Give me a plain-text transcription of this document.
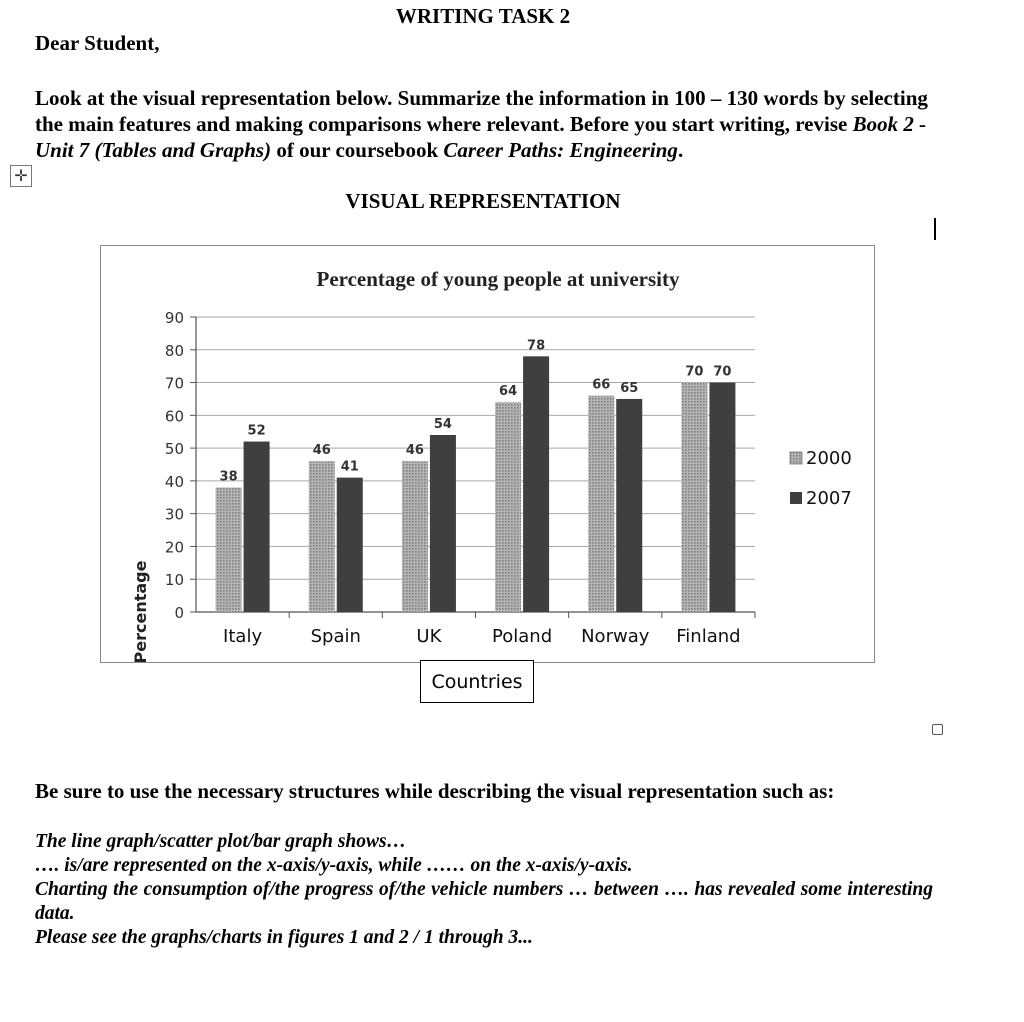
WRITING TASK 2
Dear Student,
Look at the visual representation below. Summarize the information in 100 – 130 words by selecting the main features and making comparisons where relevant. Before you start writing, revise Book 2 - Unit 7 (Tables and Graphs) of our coursebook Career Paths: Engineering.
✛
VISUAL REPRESENTATION
Percentage of young people at university
Percentage 0
10
20
30
40
50
60
70
80
90
38
52
Italy
46
41
Spain
46
54
UK
64
78
Poland
66 65
Norway
70 70
Finland
2000
2007
Countries
Be sure to use the necessary structures while describing the visual representation such as:

The line graph/scatter plot/bar graph shows…

…. is/are represented on the x-axis/y-axis, while …… on the x-axis/y-axis.

Charting the consumption of/the progress of/the vehicle numbers … between …. has revealed some interesting data.

Please see the graphs/charts in figures 1 and 2 / 1 through 3...
